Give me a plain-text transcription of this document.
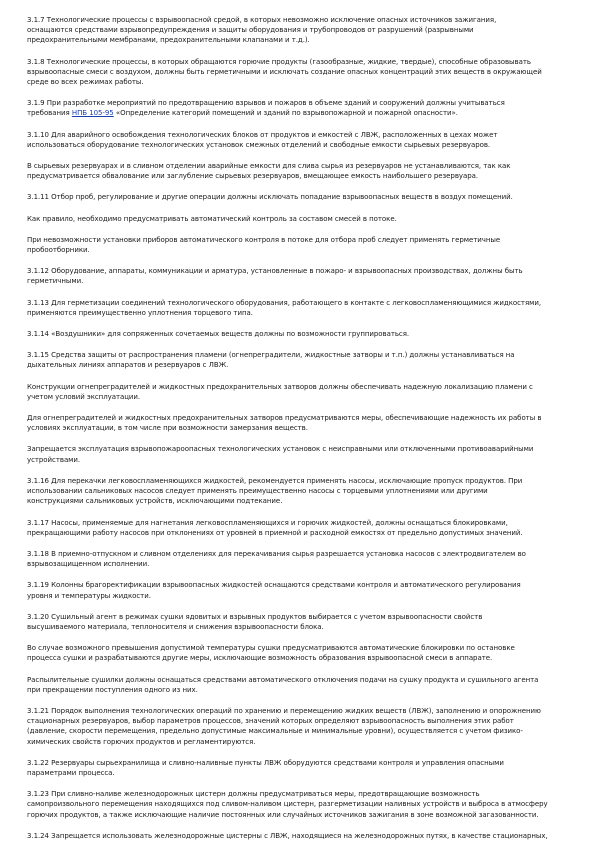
3.1.7 Технологические процессы с взрывоопасной средой, в которых невозможно исключение опасных источников зажигания,
оснащаются средствами взрывопредупреждения и защиты оборудования и трубопроводов от разрушений (разрывными
предохранительными мембранами, предохранительными клапанами и т.д.).

3.1.8 Технологические процессы, в которых обращаются горючие продукты (газообразные, жидкие, твердые), способные образовывать
взрывоопасные смеси с воздухом, должны быть герметичными и исключать создание опасных концентраций этих веществ в окружающей
среде во всех режимах работы.

3.1.9 При разработке мероприятий по предотвращению взрывов и пожаров в объеме зданий и сооружений должны учитываться
требования НПБ 105-95 «Определение категорий помещений и зданий по взрывопожарной и пожарной опасности».

3.1.10 Для аварийного освобождения технологических блоков от продуктов и емкостей с ЛВЖ, расположенных в цехах может
использоваться оборудование технологических установок смежных отделений и свободные емкости сырьевых резервуаров.

В сырьевых резервуарах и в сливном отделении аварийные емкости для слива сырья из резервуаров не устанавливаются, так как
предусматривается обвалование или заглубление сырьевых резервуаров, вмещающее емкость наибольшего резервуара.

3.1.11 Отбор проб, регулирование и другие операции должны исключать попадание взрывоопасных веществ в воздух помещений.

Как правило, необходимо предусматривать автоматический контроль за составом смесей в потоке.

При невозможности установки приборов автоматического контроля в потоке для отбора проб следует применять герметичные
пробоотборники.

3.1.12 Оборудование, аппараты, коммуникации и арматура, установленные в пожаро- и взрывоопасных производствах, должны быть
герметичными.

3.1.13 Для герметизации соединений технологического оборудования, работающего в контакте с легковоспламеняющимися жидкостями,
применяются преимущественно уплотнения торцевого типа.

3.1.14 «Воздушники» для сопряженных сочетаемых веществ должны по возможности группироваться.

3.1.15 Средства защиты от распространения пламени (огнепреградители, жидкостные затворы и т.п.) должны устанавливаться на
дыхательных линиях аппаратов и резервуаров с ЛВЖ.

Конструкции огнепреградителей и жидкостных предохранительных затворов должны обеспечивать надежную локализацию пламени с
учетом условий эксплуатации.

Для огнепреградителей и жидкостных предохранительных затворов предусматриваются меры, обеспечивающие надежность их работы в
условиях эксплуатации, в том числе при возможности замерзания веществ.

Запрещается эксплуатация взрывопожароопасных технологических установок с неисправными или отключенными противоаварийными
устройствами.

3.1.16 Для перекачки легковоспламеняющихся жидкостей, рекомендуется применять насосы, исключающие пропуск продуктов. При
использовании сальниковых насосов следует применять преимущественно насосы с торцевыми уплотнениями или другими
конструкциями сальниковых устройств, исключающими подтекание.

3.1.17 Насосы, применяемые для нагнетания легковоспламеняющихся и горючих жидкостей, должны оснащаться блокировками,
прекращающими работу насосов при отклонениях от уровней в приемной и расходной емкостях от предельно допустимых значений.

3.1.18 В приемно-отпускном и сливном отделениях для перекачивания сырья разрешается установка насосов с электродвигателем во
взрывозащищенном исполнении.

3.1.19 Колонны брагоректификации взрывоопасных жидкостей оснащаются средствами контроля и автоматического регулирования
уровня и температуры жидкости.

3.1.20 Сушильный агент в режимах сушки ядовитых и взрывных продуктов выбирается с учетом взрывоопасности свойств
высушиваемого материала, теплоносителя и снижения взрывоопасности блока.

Во случае возможного превышения допустимой температуры сушки предусматриваются автоматические блокировки по остановке
процесса сушки и разрабатываются другие меры, исключающие возможность образования взрывоопасной смеси в аппарате.

Распылительные сушилки должны оснащаться средствами автоматического отключения подачи на сушку продукта и сушильного агента
при прекращении поступления одного из них.

3.1.21 Порядок выполнения технологических операций по хранению и перемещению жидких веществ (ЛВЖ), заполнению и опорожнению
стационарных резервуаров, выбор параметров процессов, значений которых определяют взрывоопасность выполнения этих работ
(давление, скорости перемещения, предельно допустимые максимальные и минимальные уровни), осуществляется с учетом физико-
химических свойств горючих продуктов и регламентируются.

3.1.22 Резервуары сырьехранилища и сливно-наливные пункты ЛВЖ оборудуются средствами контроля и управления опасными
параметрами процесса.

3.1.23 При сливно-наливе железнодорожных цистерн должны предусматриваться меры, предотвращающие возможность
самопроизвольного перемещения находящихся под сливом-наливом цистерн, разгерметизации наливных устройств и выброса в атмосферу
горючих продуктов, а также исключающие наличие постоянных или случайных источников зажигания в зоне возможной загазованности.

3.1.24 Запрещается использовать железнодорожные цистерны с ЛВЖ, находящиеся на железнодорожных путях, в качестве стационарных,
